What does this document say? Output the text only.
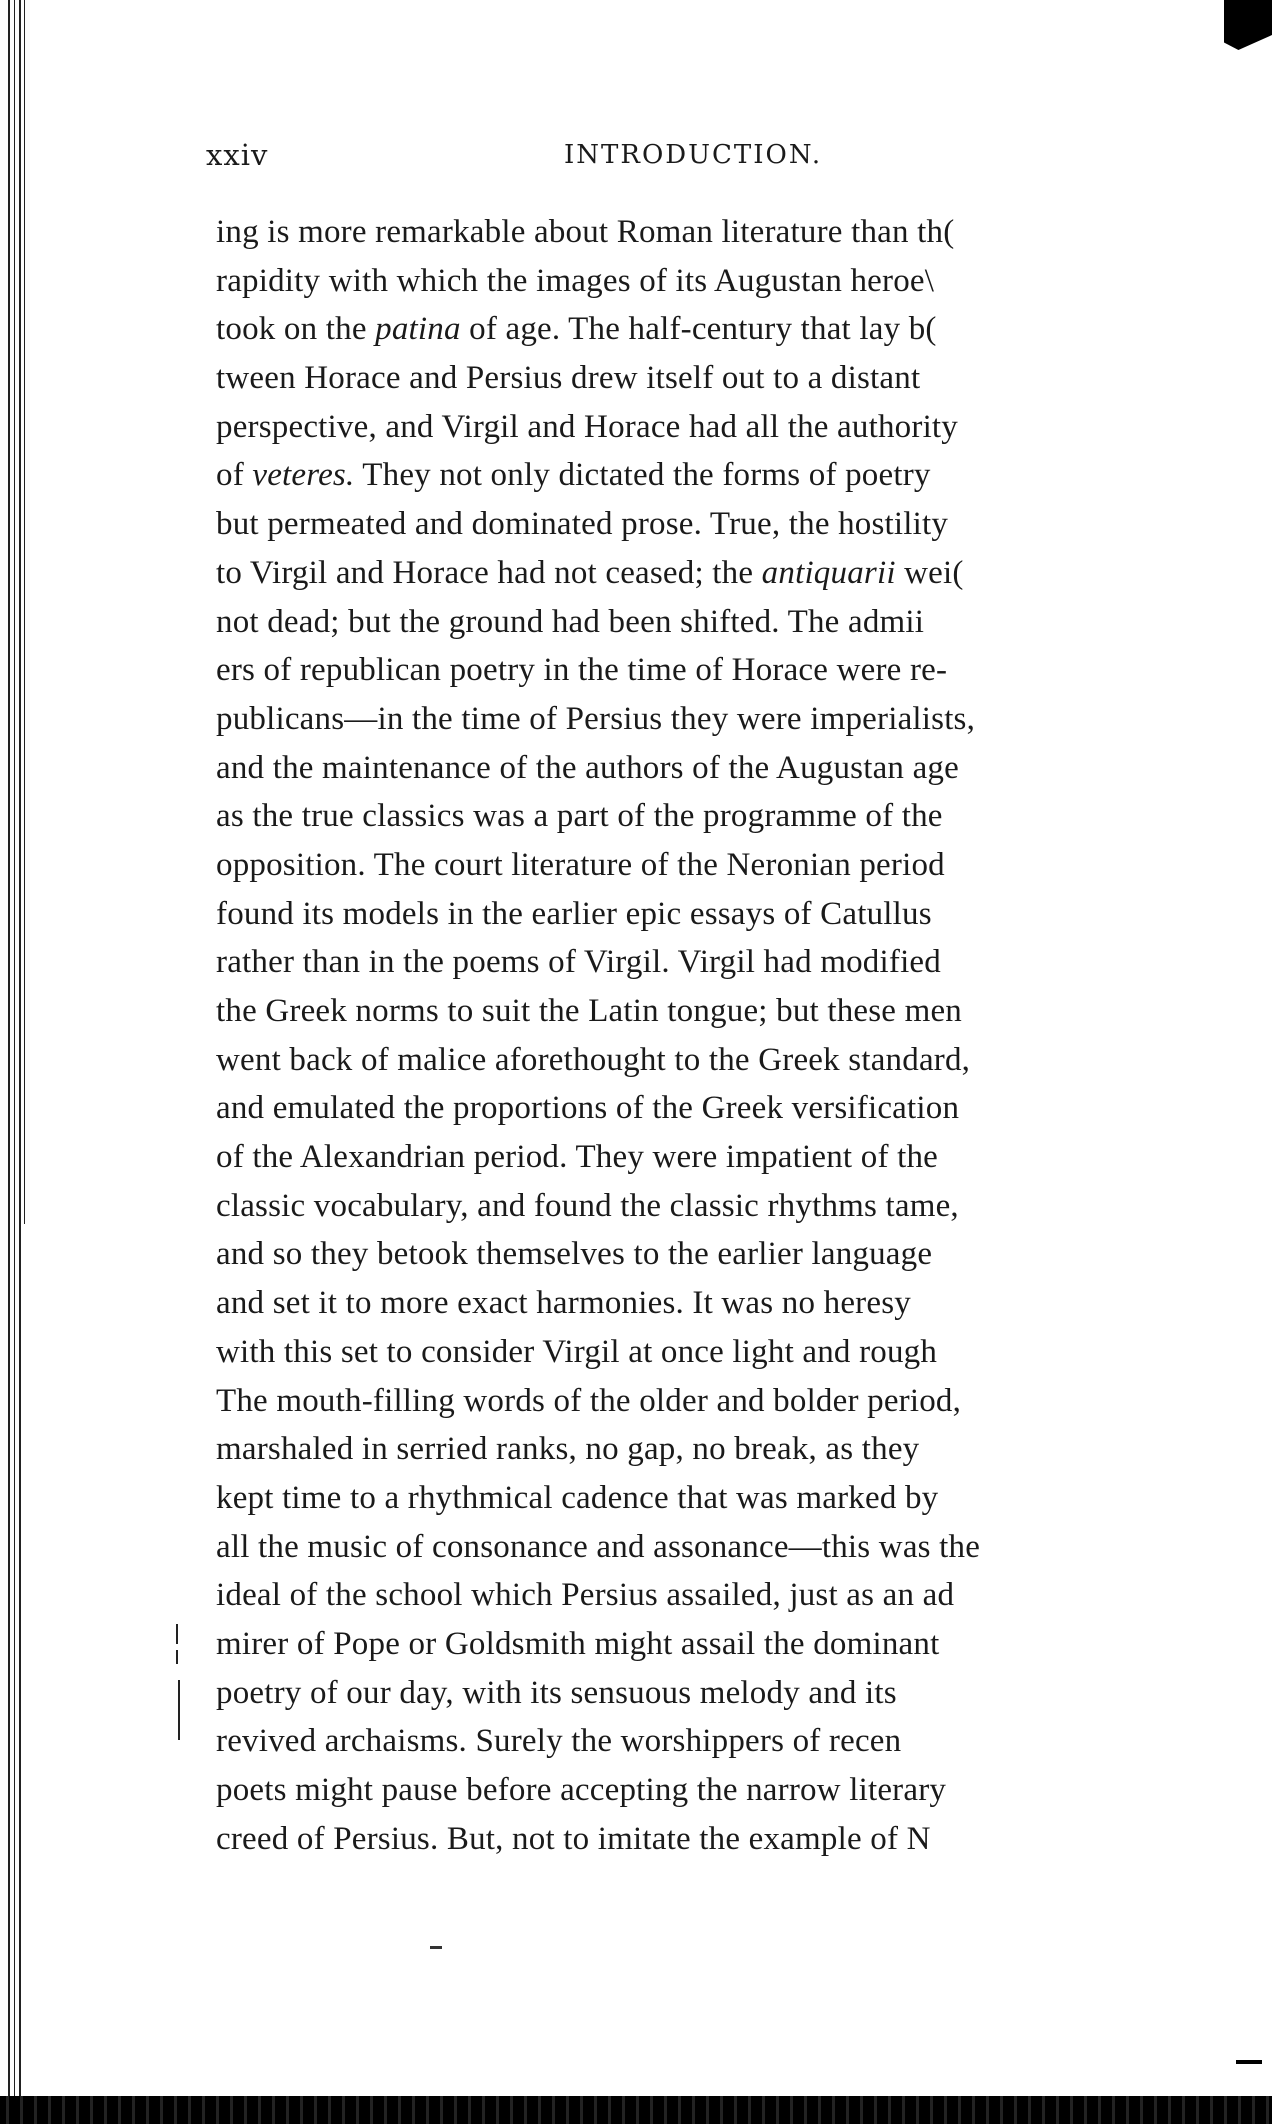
xxiv	INTRODUCTION.
ing is more remarkable about Roman literature than th(
rapidity with which the images of its Augustan heroe\
took on the patina of age. The half-century that lay b(
tween Horace and Persius drew itself out to a distant
perspective, and Virgil and Horace had all the authority
of veteres. They not only dictated the forms of poetry
but permeated and dominated prose. True, the hostility
to Virgil and Horace had not ceased; the antiquarii wei(
not dead; but the ground had been shifted. The admii
ers of republican poetry in the time of Horace were re-
publicans—in the time of Persius they were imperialists,
and the maintenance of the authors of the Augustan age
as the true classics was a part of the programme of the
opposition. The court literature of the Neronian period
found its models in the earlier epic essays of Catullus
rather than in the poems of Virgil. Virgil had modified
the Greek norms to suit the Latin tongue; but these men
went back of malice aforethought to the Greek standard,
and emulated the proportions of the Greek versification
of the Alexandrian period. They were impatient of the
classic vocabulary, and found the classic rhythms tame,
and so they betook themselves to the earlier language
and set it to more exact harmonies. It was no heresy
with this set to consider Virgil at once light and rough
The mouth-filling words of the older and bolder period,
marshaled in serried ranks, no gap, no break, as they
kept time to a rhythmical cadence that was marked by
all the music of consonance and assonance—this was the
ideal of the school which Persius assailed, just as an ad
mirer of Pope or Goldsmith might assail the dominant
poetry of our day, with its sensuous melody and its
revived archaisms. Surely the worshippers of recen
poets might pause before accepting the narrow literary
creed of Persius. But, not to imitate the example of N
